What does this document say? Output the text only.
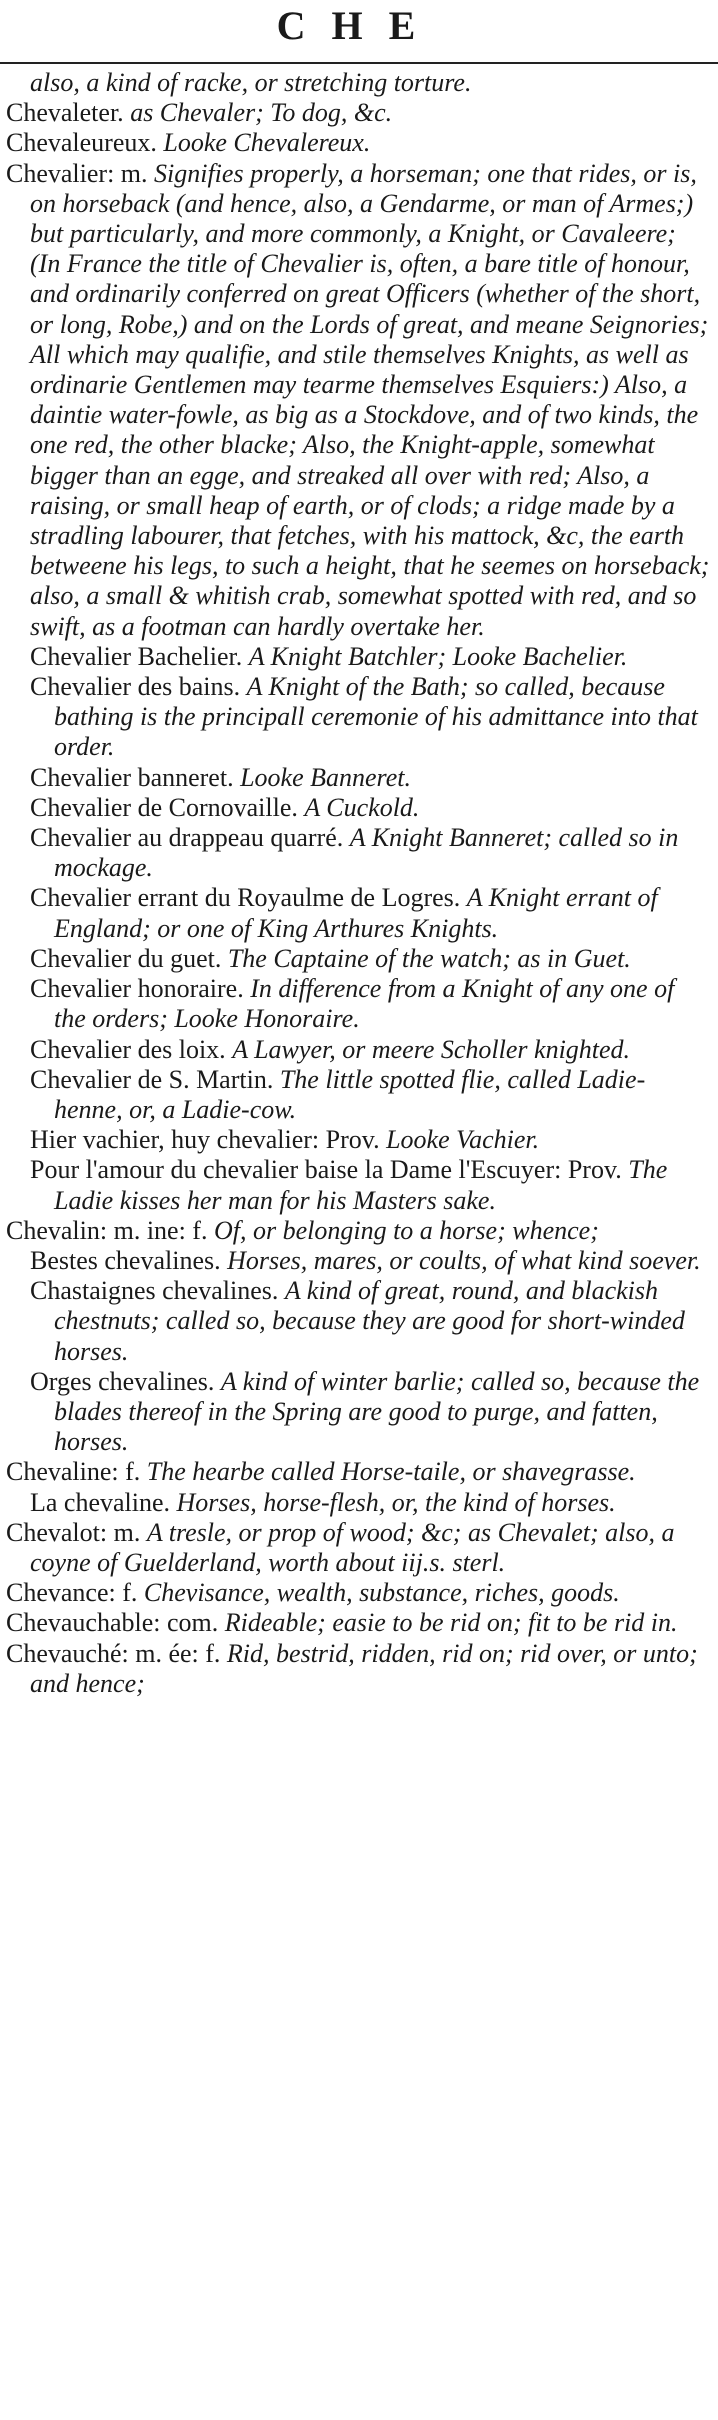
CHE

also, a kind of racke, or stretching torture.

Chevaleter. as Chevaler; To dog, &c.

Chevaleureux. Looke Chevalereux.

Chevalier: m. Signifies properly, a horseman; one that rides, or is, on horseback (and hence, also, a Gendarme, or man of Armes;) but particularly, and more commonly, a Knight, or Cavaleere; (In France the title of Chevalier is, often, a bare title of honour, and ordinarily conferred on great Officers (whether of the short, or long, Robe,) and on the Lords of great, and meane Seignories; All which may qualifie, and stile themselves Knights, as well as ordinarie Gentlemen may tearme themselves Esquiers:) Also, a daintie water-fowle, as big as a Stockdove, and of two kinds, the one red, the other blacke; Also, the Knight-apple, somewhat bigger than an egge, and streaked all over with red; Also, a raising, or small heap of earth, or of clods; a ridge made by a stradling labourer, that fetches, with his mattock, &c, the earth betweene his legs, to such a height, that he seemes on horseback; also, a small & whitish crab, somewhat spotted with red, and so swift, as a footman can hardly overtake her.

Chevalier Bachelier. A Knight Batchler; Looke Bachelier.

Chevalier des bains. A Knight of the Bath; so called, because bathing is the principall ceremonie of his admittance into that order.

Chevalier banneret. Looke Banneret.

Chevalier de Cornovaille. A Cuckold.

Chevalier au drappeau quarré. A Knight Banneret; called so in mockage.

Chevalier errant du Royaulme de Logres. A Knight errant of England; or one of King Arthures Knights.

Chevalier du guet. The Captaine of the watch; as in Guet.

Chevalier honoraire. In difference from a Knight of any one of the orders; Looke Honoraire.

Chevalier des loix. A Lawyer, or meere Scholler knighted.

Chevalier de S. Martin. The little spotted flie, called Ladie-henne, or, a Ladie-cow.

Hier vachier, huy chevalier: Prov. Looke Vachier.

Pour l'amour du chevalier baise la Dame l'Escuyer: Prov. The Ladie kisses her man for his Masters sake.

Chevalin: m. ine: f. Of, or belonging to a horse; whence;

Bestes chevalines. Horses, mares, or coults, of what kind soever.

Chastaignes chevalines. A kind of great, round, and blackish chestnuts; called so, because they are good for short-winded horses.

Orges chevalines. A kind of winter barlie; called so, because the blades thereof in the Spring are good to purge, and fatten, horses.

Chevaline: f. The hearbe called Horse-taile, or shavegrasse.

La chevaline. Horses, horse-flesh, or, the kind of horses.

Chevalot: m. A tresle, or prop of wood; &c; as Chevalet; also, a coyne of Guelderland, worth about iij.s. sterl.

Chevance: f. Chevisance, wealth, substance, riches, goods.

Chevauchable: com. Rideable; easie to be rid on; fit to be rid in.

Chevauché: m. ée: f. Rid, bestrid, ridden, rid on; rid over, or unto; and hence;
